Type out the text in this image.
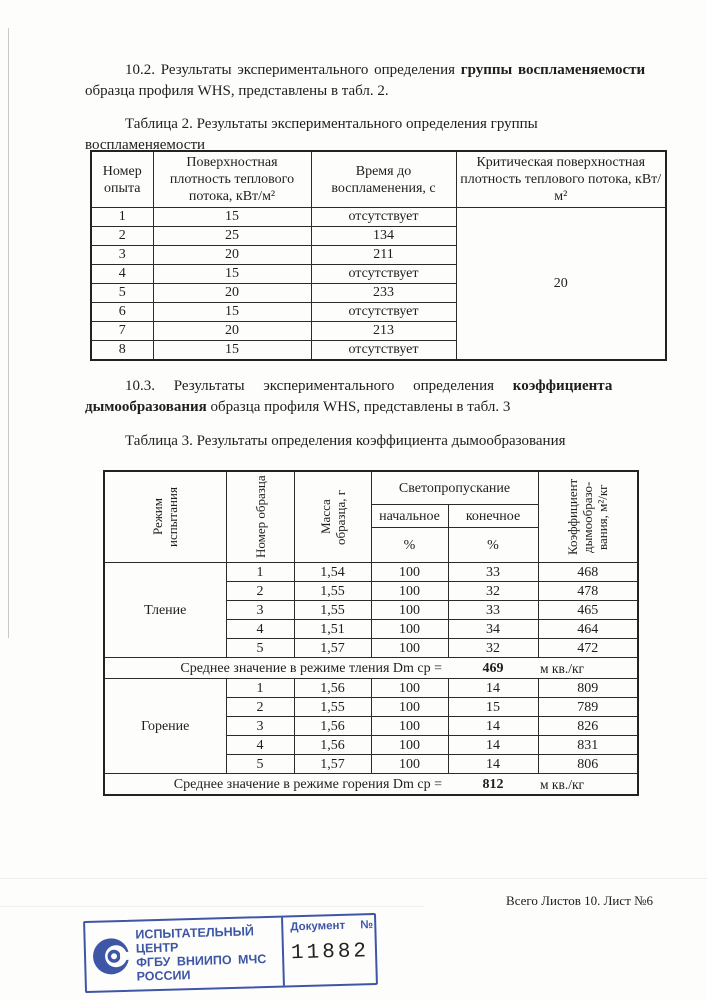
10.2. Результаты экспериментального определения группы воспламеняемости
образца профиля WHS, представлены в табл. 2.
Таблица 2. Результаты экспериментального определения группы
воспламеняемости
Номер опыта	Поверхностная плотность теплового потока, кВт/м²	Время до воспламенения, с	Критическая поверхностная плотность теплового потока, кВт/м²
1	15	отсутствует	20
2	25	134	
3	20	211	
4	15	отсутствует	
5	20	233	
6	15	отсутствует	
7	20	213	
8	15	отсутствует	
10.3. Результаты экспериментального определения коэффициента
дымообразования образца профиля WHS, представлены в табл. 3
Таблица 3. Результаты определения коэффициента дымообразования
Режим испытания	Номер образца	Масса образца, г	Светопропускание		Коэффициент дымообразования, м²/кг

			начальное	конечное	
			%	%	
Тление	1	1,54	100	33	468
	2	1,55	100	32	478
	3	1,55	100	33	465
	4	1,51	100	34	464
	5	1,57	100	32	472
Среднее значение в режиме тления Dm ср =				469	м кв./кг
Горение	1	1,56	100	14	809
	2	1,55	100	15	789
	3	1,56	100	14	826
	4	1,56	100	14	831
	5	1,57	100	14	806
Среднее значение в режиме горения Dm ср =				812	м кв./кг
Всего Листов 10. Лист №6
ИСПЫТАТЕЛЬНЫЙ ЦЕНТР
ФГБУ ВНИИПО МЧС РОССИИ
Документ №
11882
